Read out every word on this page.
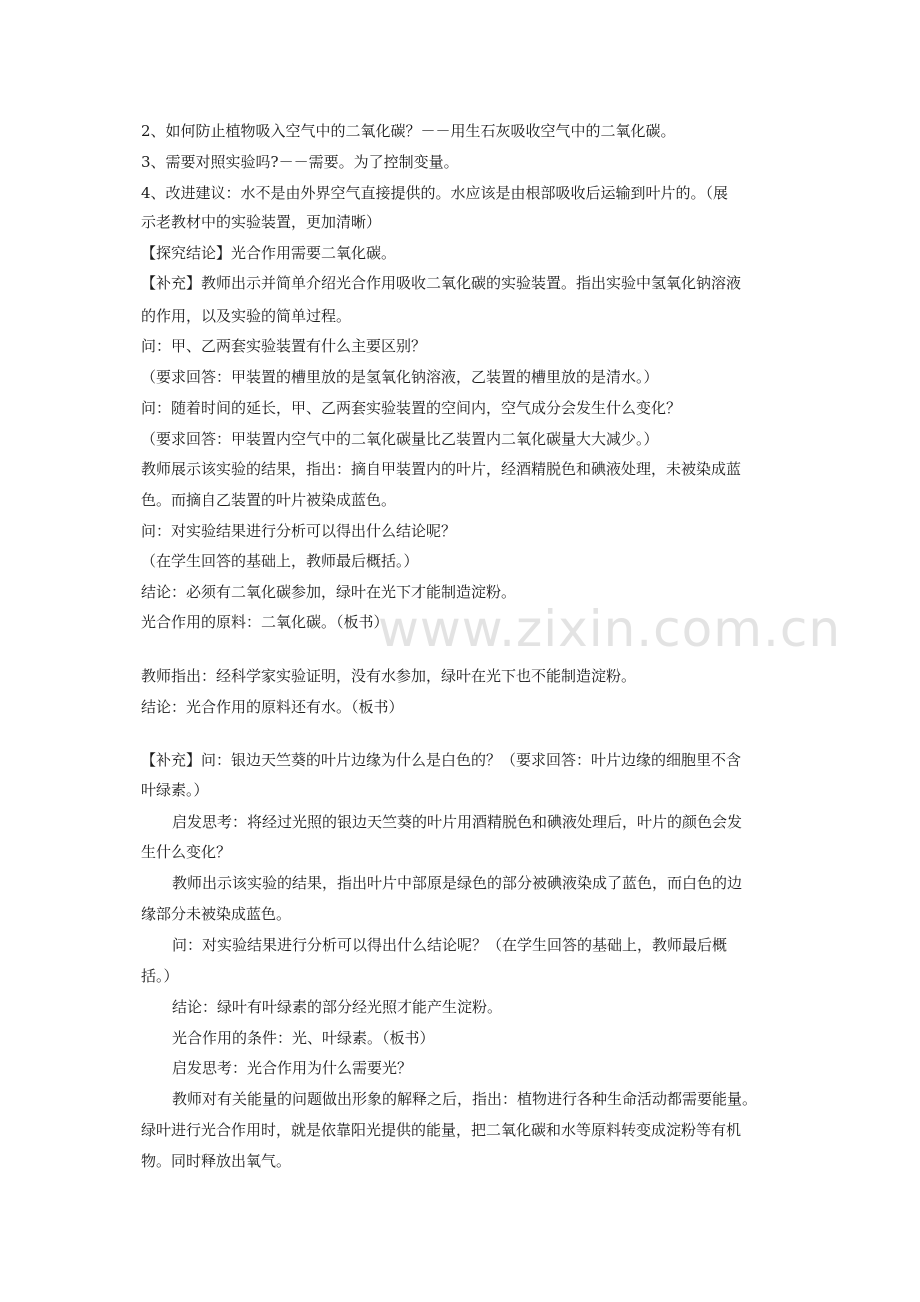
www.zixin.com.cn
2、如何防止植物吸入空气中的二氧化碳？－－用生石灰吸收空气中的二氧化碳。
3、需要对照实验吗?－－需要。为了控制变量。
4、改进建议：水不是由外界空气直接提供的。水应该是由根部吸收后运输到叶片的。（展
示老教材中的实验装置，更加清晰）
【探究结论】光合作用需要二氧化碳。
【补充】教师出示并简单介绍光合作用吸收二氧化碳的实验装置。指出实验中氢氧化钠溶液
的作用，以及实验的简单过程。
问：甲、乙两套实验装置有什么主要区别？
（要求回答：甲装置的槽里放的是氢氧化钠溶液，乙装置的槽里放的是清水。）
问：随着时间的延长，甲、乙两套实验装置的空间内，空气成分会发生什么变化？
（要求回答：甲装置内空气中的二氧化碳量比乙装置内二氧化碳量大大减少。）
教师展示该实验的结果，指出：摘自甲装置内的叶片，经酒精脱色和碘液处理，未被染成蓝
色。而摘自乙装置的叶片被染成蓝色。
问：对实验结果进行分析可以得出什么结论呢？
（在学生回答的基础上，教师最后概括。）
结论：必须有二氧化碳参加，绿叶在光下才能制造淀粉。
光合作用的原料：二氧化碳。（板书）
教师指出：经科学家实验证明，没有水参加，绿叶在光下也不能制造淀粉。
结论：光合作用的原料还有水。（板书）
【补充】问：银边天竺葵的叶片边缘为什么是白色的？（要求回答：叶片边缘的细胞里不含
叶绿素。）
启发思考：将经过光照的银边天竺葵的叶片用酒精脱色和碘液处理后，叶片的颜色会发
生什么变化？
教师出示该实验的结果，指出叶片中部原是绿色的部分被碘液染成了蓝色，而白色的边
缘部分未被染成蓝色。
问：对实验结果进行分析可以得出什么结论呢？（在学生回答的基础上，教师最后概
括。）
结论：绿叶有叶绿素的部分经光照才能产生淀粉。
光合作用的条件：光、叶绿素。（板书）
启发思考：光合作用为什么需要光？
教师对有关能量的问题做出形象的解释之后，指出：植物进行各种生命活动都需要能量。
绿叶进行光合作用时，就是依靠阳光提供的能量，把二氧化碳和水等原料转变成淀粉等有机
物。同时释放出氧气。
